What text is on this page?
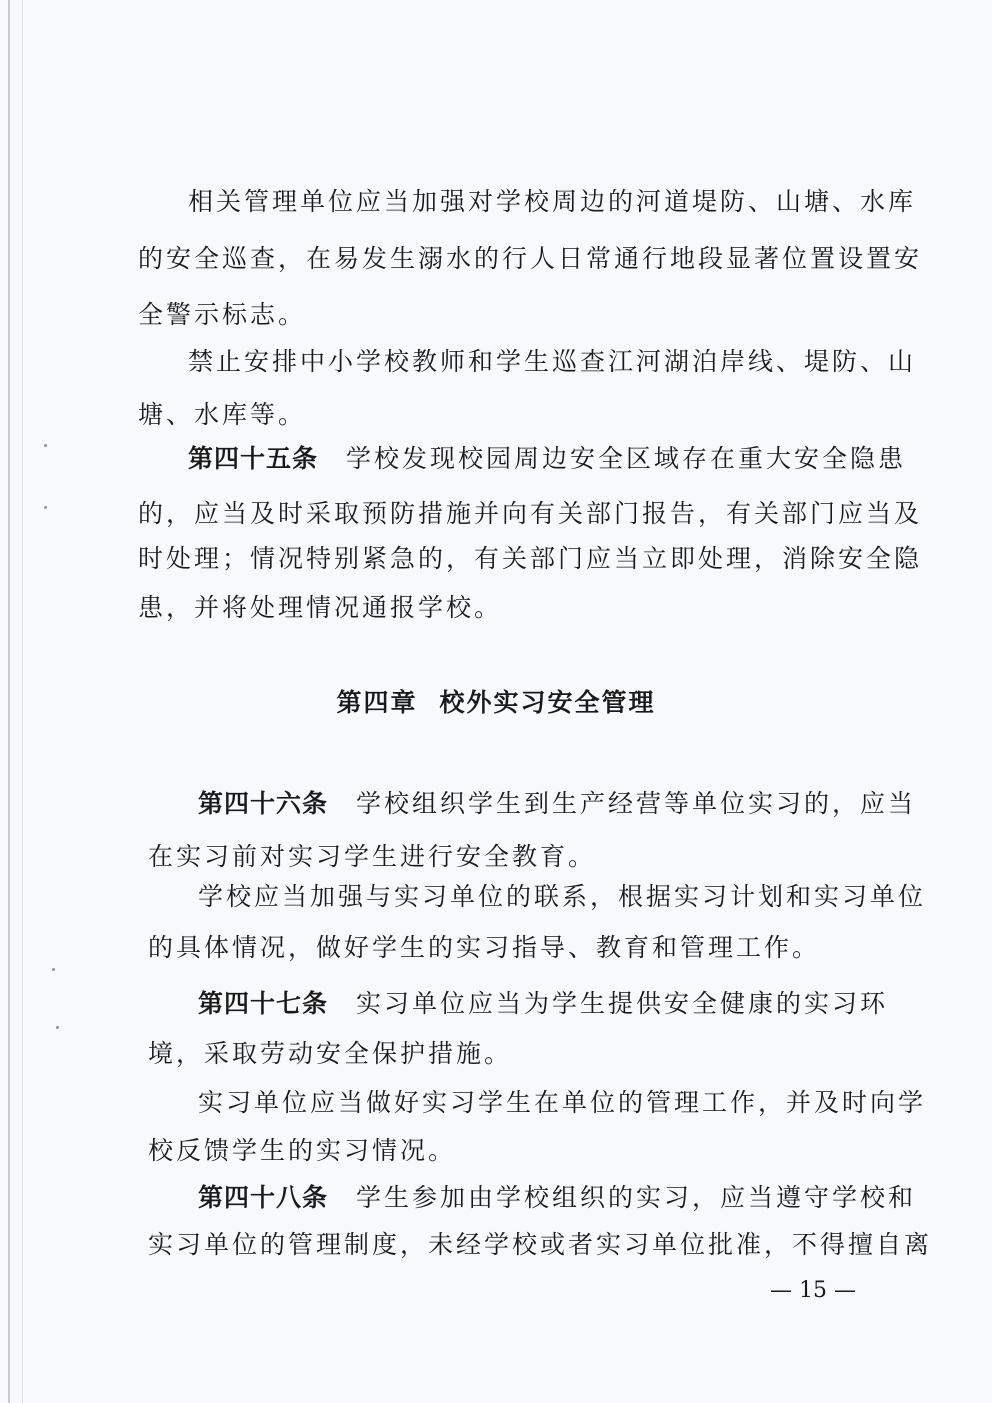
相关管理单位应当加强对学校周边的河道堤防、山塘、水库
的安全巡查，在易发生溺水的行人日常通行地段显著位置设置安
全警示标志。
禁止安排中小学校教师和学生巡查江河湖泊岸线、堤防、山
塘、水库等。
第四十五条 学校发现校园周边安全区域存在重大安全隐患
的，应当及时采取预防措施并向有关部门报告，有关部门应当及
时处理；情况特别紧急的，有关部门应当立即处理，消除安全隐
患，并将处理情况通报学校。
第四章 校外实习安全管理
第四十六条 学校组织学生到生产经营等单位实习的，应当
在实习前对实习学生进行安全教育。
学校应当加强与实习单位的联系，根据实习计划和实习单位
的具体情况，做好学生的实习指导、教育和管理工作。
第四十七条 实习单位应当为学生提供安全健康的实习环
境，采取劳动安全保护措施。
实习单位应当做好实习学生在单位的管理工作，并及时向学
校反馈学生的实习情况。
第四十八条 学生参加由学校组织的实习，应当遵守学校和
实习单位的管理制度，未经学校或者实习单位批准，不得擅自离
— 15 —
